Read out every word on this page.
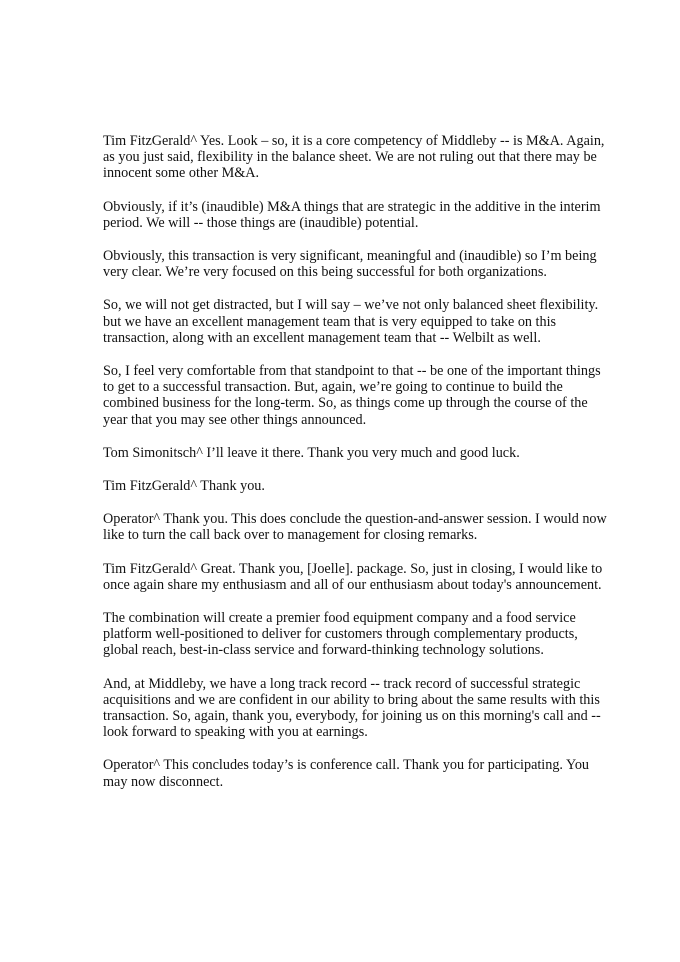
Tim FitzGerald^ Yes. Look – so, it is a core competency of Middleby -- is M&A. Again,
as you just said, flexibility in the balance sheet. We are not ruling out that there may be
innocent some other M&A.

Obviously, if it’s (inaudible) M&A things that are strategic in the additive in the interim
period. We will -- those things are (inaudible) potential.

Obviously, this transaction is very significant, meaningful and (inaudible) so I’m being
very clear. We’re very focused on this being successful for both organizations.

So, we will not get distracted, but I will say – we’ve not only balanced sheet flexibility.
but we have an excellent management team that is very equipped to take on this
transaction, along with an excellent management team that -- Welbilt as well.

So, I feel very comfortable from that standpoint to that -- be one of the important things
to get to a successful transaction. But, again, we’re going to continue to build the
combined business for the long-term. So, as things come up through the course of the
year that you may see other things announced.

Tom Simonitsch^ I’ll leave it there. Thank you very much and good luck.

Tim FitzGerald^ Thank you.

Operator^ Thank you. This does conclude the question-and-answer session. I would now
like to turn the call back over to management for closing remarks.

Tim FitzGerald^ Great. Thank you, [Joelle]. package. So, just in closing, I would like to
once again share my enthusiasm and all of our enthusiasm about today's announcement.

The combination will create a premier food equipment company and a food service
platform well-positioned to deliver for customers through complementary products,
global reach, best-in-class service and forward-thinking technology solutions.

And, at Middleby, we have a long track record -- track record of successful strategic
acquisitions and we are confident in our ability to bring about the same results with this
transaction. So, again, thank you, everybody, for joining us on this morning's call and --
look forward to speaking with you at earnings.

Operator^ This concludes today’s is conference call. Thank you for participating. You
may now disconnect.
